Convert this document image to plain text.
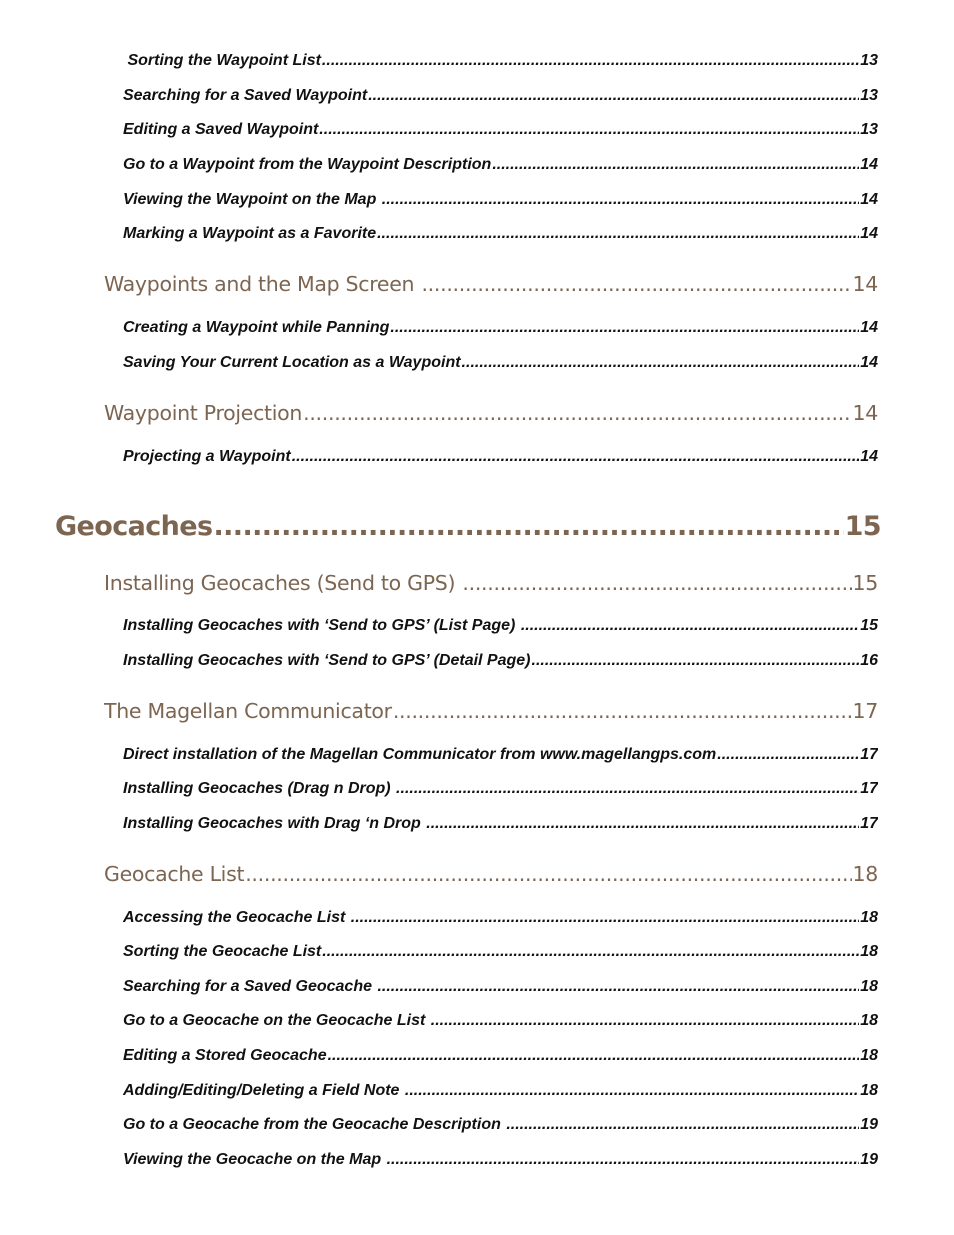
Sorting the Waypoint List .....	13
Searching for a Saved Waypoint .....	13
Editing a Saved Waypoint .....	13
Go to a Waypoint from the Waypoint Description .....	14
Viewing the Waypoint on the Map .....	14
Marking a Waypoint as a Favorite .....	14
Waypoints and the Map Screen .....	14
Creating a Waypoint while Panning .....	14
Saving Your Current Location as a Waypoint .....	14
Waypoint Projection .....	14
Projecting a Waypoint .....	14
Geocaches .....	15
Installing Geocaches (Send to GPS) .....	15
Installing Geocaches with ‘Send to GPS’ (List Page) .....	15
Installing Geocaches with ‘Send to GPS’ (Detail Page) .....	16
The Magellan Communicator .....	17
Direct installation of the Magellan Communicator from www.magellangps.com .....	17
Installing Geocaches (Drag n Drop) .....	17
Installing Geocaches with Drag ‘n Drop .....	17
Geocache List .....	18
Accessing the Geocache List .....	18
Sorting the Geocache List .....	18
Searching for a Saved Geocache .....	18
Go to a Geocache on the Geocache List .....	18
Editing a Stored Geocache .....	18
Adding/Editing/Deleting a Field Note .....	18
Go to a Geocache from the Geocache Description .....	19
Viewing the Geocache on the Map .....	19
